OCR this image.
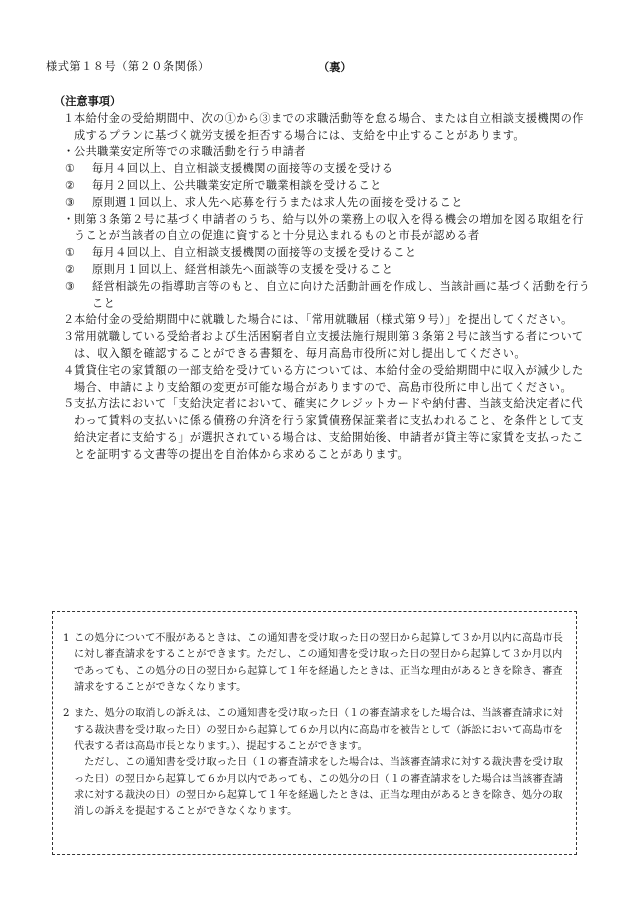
様式第１８号（第２０条関係）	（裏）
（注意事項）
１ 本給付金の受給期間中、次の①から③までの求職活動等を怠る場合、または自立相談支援機関の作成するプランに基づく就労支援を拒否する場合には、支給を中止することがあります。
・ 公共職業安定所等での求職活動を行う申請者
① 毎月４回以上、自立相談支援機関の面接等の支援を受ける
② 毎月２回以上、公共職業安定所で職業相談を受けること
③ 原則週１回以上、求人先へ応募を行うまたは求人先の面接を受けること
・ 則第３条第２号に基づく申請者のうち、給与以外の業務上の収入を得る機会の増加を図る取組を行うことが当該者の自立の促進に資すると十分見込まれるものと市長が認める者
① 毎月４回以上、自立相談支援機関の面接等の支援を受けること
② 原則月１回以上、経営相談先へ面談等の支援を受けること
③ 経営相談先の指導助言等のもと、自立に向けた活動計画を作成し、当該計画に基づく活動を行うこと
２ 本給付金の受給期間中に就職した場合には、「常用就職届（様式第９号）」を提出してください。
３ 常用就職している受給者および生活困窮者自立支援法施行規則第３条第２号に該当する者については、収入額を確認することができる書類を、毎月高島市役所に対し提出してください。
４ 賃貸住宅の家賃額の一部支給を受けている方については、本給付金の受給期間中に収入が減少した場合、申請により支給額の変更が可能な場合がありますので、高島市役所に申し出てください。
５ 支払方法において「支給決定者において、確実にクレジットカードや納付書、当該支給決定者に代わって賃料の支払いに係る債務の弁済を行う家賃債務保証業者に支払われること、を条件として支給決定者に支給する」が選択されている場合は、支給開始後、申請者が貸主等に家賃を支払ったことを証明する文書等の提出を自治体から求めることがあります。

1 この処分について不服があるときは、この通知書を受け取った日の翌日から起算して３か月以内に高島市長に対し審査請求をすることができます。ただし、この通知書を受け取った日の翌日から起算して３か月以内であっても、この処分の日の翌日から起算して１年を経過したときは、正当な理由があるときを除き、審査請求をすることができなくなります。

2 また、処分の取消しの訴えは、この通知書を受け取った日（１の審査請求をした場合は、当該審査請求に対する裁決書を受け取った日）の翌日から起算して６か月以内に高島市を被告として（訴訟において高島市を代表する者は高島市長となります。）、提起することができます。

　ただし、この通知書を受け取った日（１の審査請求をした場合は、当該審査請求に対する裁決書を受け取った日）の翌日から起算して６か月以内であっても、この処分の日（１の審査請求をした場合は当該審査請求に対する裁決の日）の翌日から起算して１年を経過したときは、正当な理由があるときを除き、処分の取消しの訴えを提起することができなくなります。
